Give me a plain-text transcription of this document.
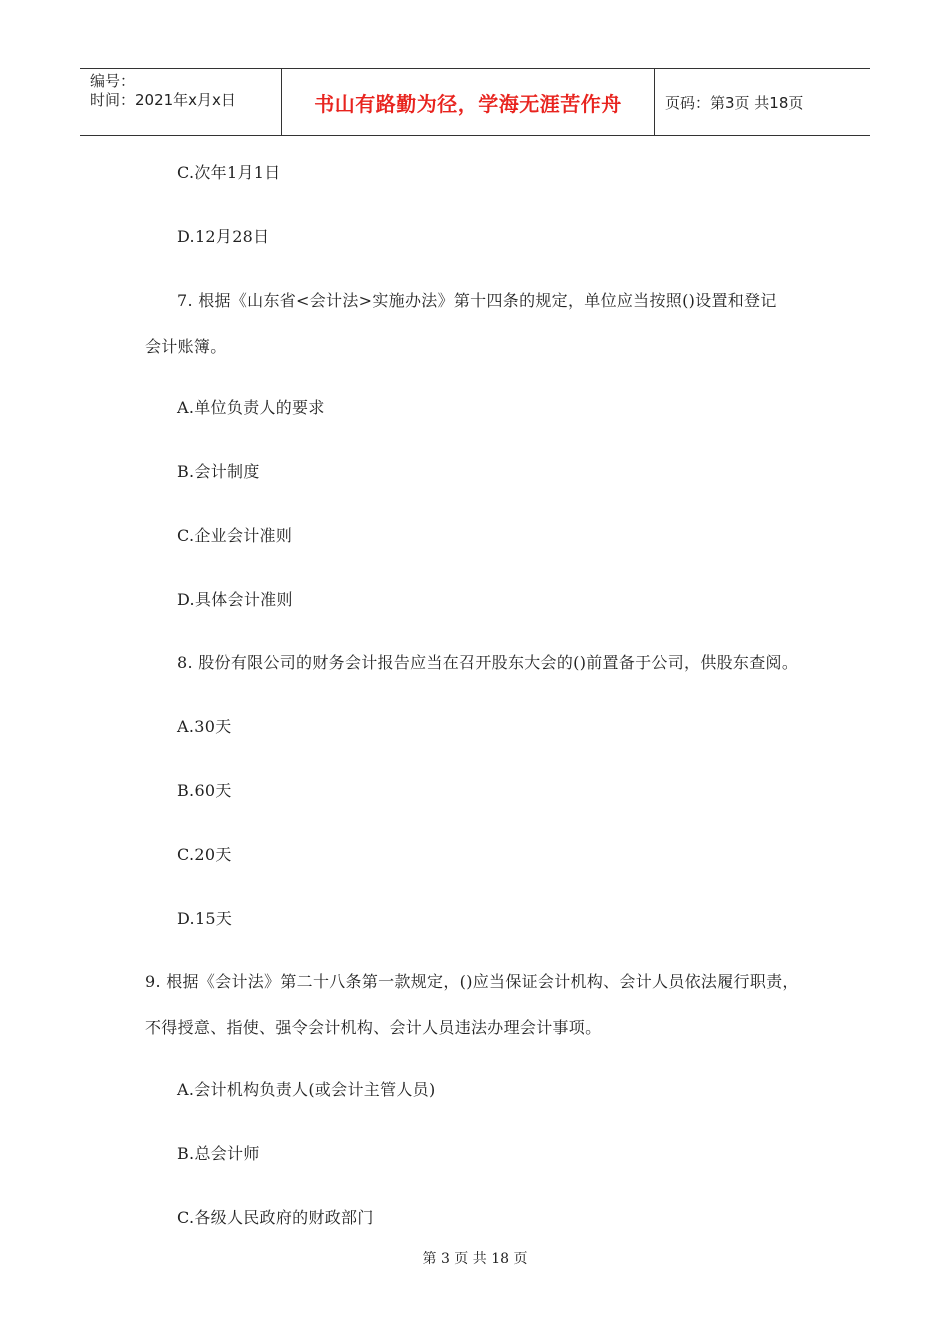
编号：
时间：2021年x月x日	书山有路勤为径，学海无涯苦作舟	页码：第3页 共18页
C.次年1月1日
D.12月28日
7. 根据《山东省<会计法>实施办法》第十四条的规定，单位应当按照()设置和登记
会计账簿。
A.单位负责人的要求
B.会计制度
C.企业会计准则
D.具体会计准则
8. 股份有限公司的财务会计报告应当在召开股东大会的()前置备于公司，供股东查阅。
A.30天
B.60天
C.20天
D.15天
9. 根据《会计法》第二十八条第一款规定，()应当保证会计机构、会计人员依法履行职责，
不得授意、指使、强令会计机构、会计人员违法办理会计事项。
A.会计机构负责人(或会计主管人员)
B.总会计师
C.各级人民政府的财政部门
第 3 页 共 18 页
